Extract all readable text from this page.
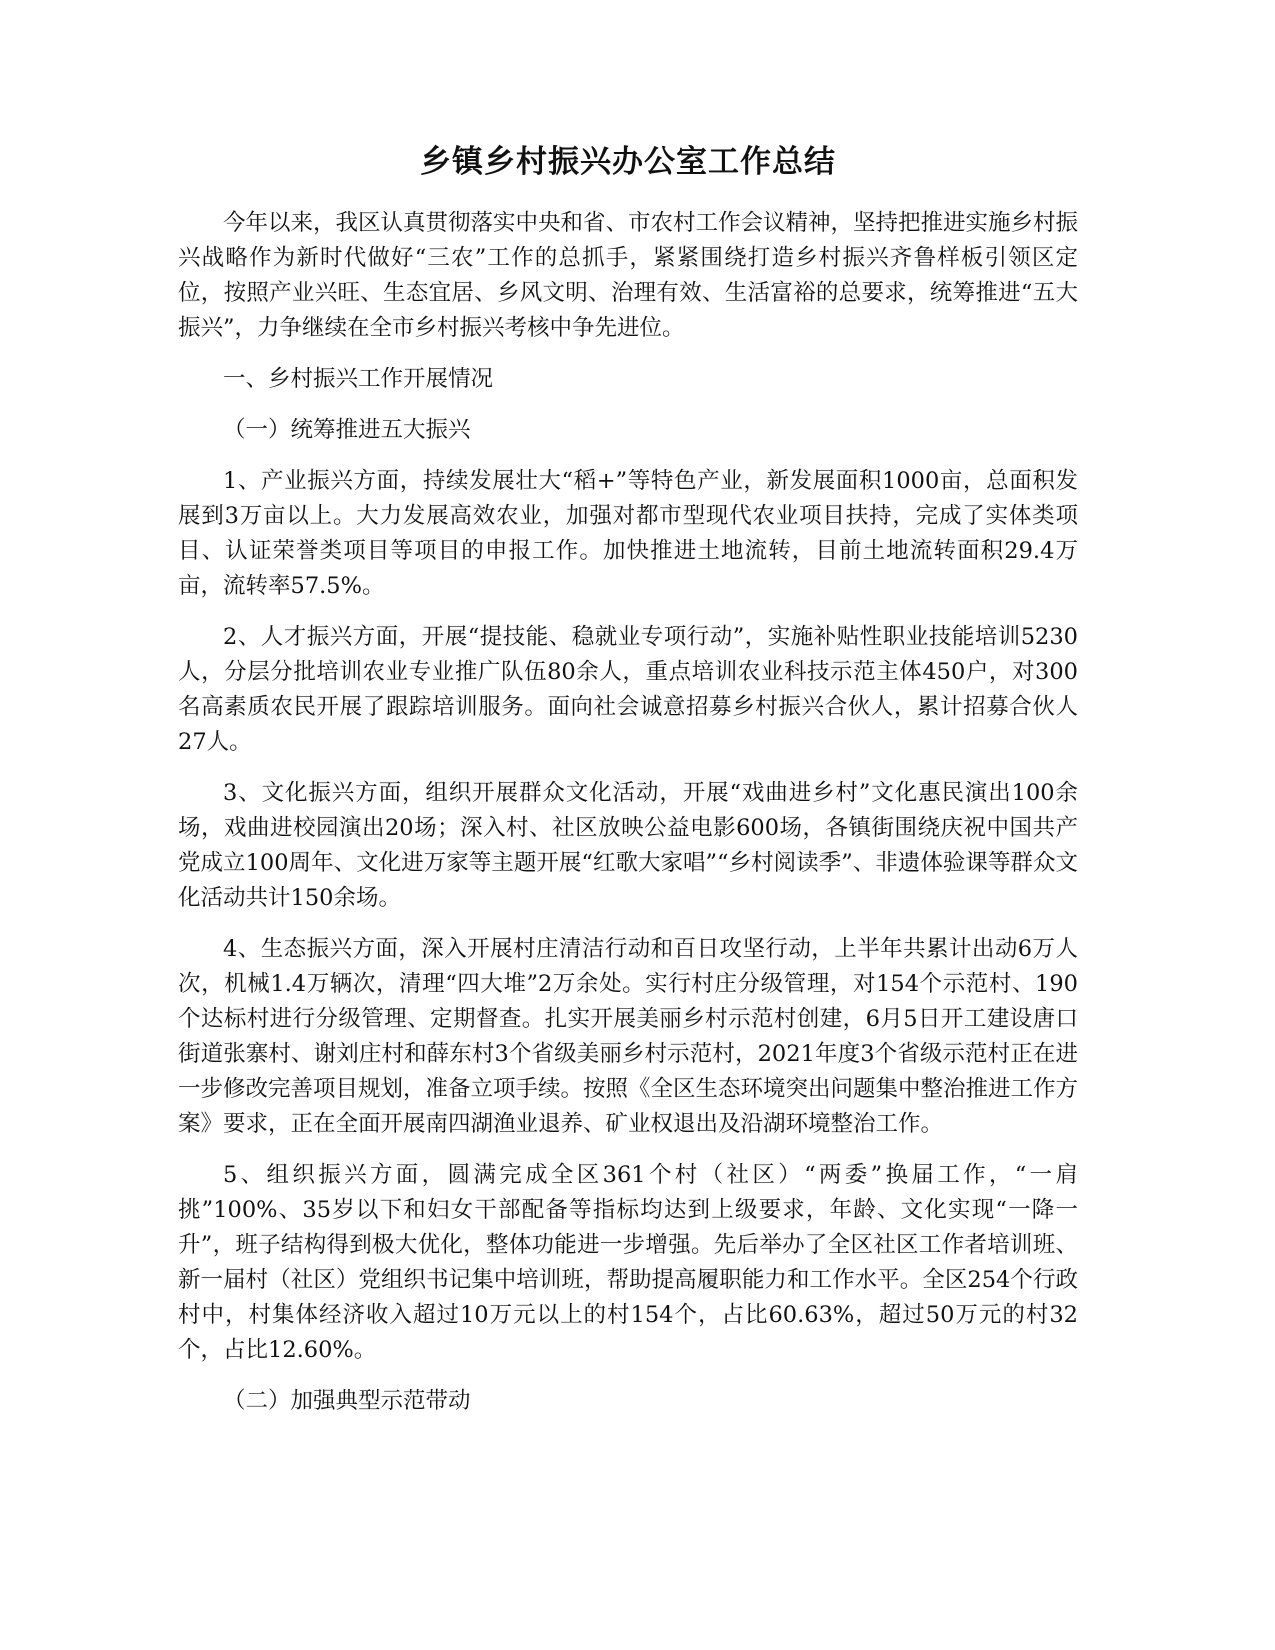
乡镇乡村振兴办公室工作总结

今年以来，我区认真贯彻落实中央和省、市农村工作会议精神，坚持把推进实施乡村振兴战略作为新时代做好“三农”工作的总抓手，紧紧围绕打造乡村振兴齐鲁样板引领区定位，按照产业兴旺、生态宜居、乡风文明、治理有效、生活富裕的总要求，统筹推进“五大振兴”，力争继续在全市乡村振兴考核中争先进位。

一、乡村振兴工作开展情况

（一）统筹推进五大振兴

1、产业振兴方面，持续发展壮大“稻+”等特色产业，新发展面积1000亩，总面积发展到3万亩以上。大力发展高效农业，加强对都市型现代农业项目扶持，完成了实体类项目、认证荣誉类项目等项目的申报工作。加快推进土地流转，目前土地流转面积29.4万亩，流转率57.5%。

2、人才振兴方面，开展“提技能、稳就业专项行动”，实施补贴性职业技能培训5230人，分层分批培训农业专业推广队伍80余人，重点培训农业科技示范主体450户，对300名高素质农民开展了跟踪培训服务。面向社会诚意招募乡村振兴合伙人，累计招募合伙人27人。

3、文化振兴方面，组织开展群众文化活动，开展“戏曲进乡村”文化惠民演出100余场，戏曲进校园演出20场；深入村、社区放映公益电影600场，各镇街围绕庆祝中国共产党成立100周年、文化进万家等主题开展“红歌大家唱”“乡村阅读季”、非遗体验课等群众文化活动共计150余场。

4、生态振兴方面，深入开展村庄清洁行动和百日攻坚行动，上半年共累计出动6万人次，机械1.4万辆次，清理“四大堆”2万余处。实行村庄分级管理，对154个示范村、190个达标村进行分级管理、定期督查。扎实开展美丽乡村示范村创建，6月5日开工建设唐口街道张寨村、谢刘庄村和薛东村3个省级美丽乡村示范村，2021年度3个省级示范村正在进一步修改完善项目规划，准备立项手续。按照《全区生态环境突出问题集中整治推进工作方案》要求，正在全面开展南四湖渔业退养、矿业权退出及沿湖环境整治工作。

5、组织振兴方面，圆满完成全区361个村（社区）“两委”换届工作，“一肩挑”100%、35岁以下和妇女干部配备等指标均达到上级要求，年龄、文化实现“一降一升”，班子结构得到极大优化，整体功能进一步增强。先后举办了全区社区工作者培训班、新一届村（社区）党组织书记集中培训班，帮助提高履职能力和工作水平。全区254个行政村中，村集体经济收入超过10万元以上的村154个，占比60.63%，超过50万元的村32个，占比12.60%。

（二）加强典型示范带动
